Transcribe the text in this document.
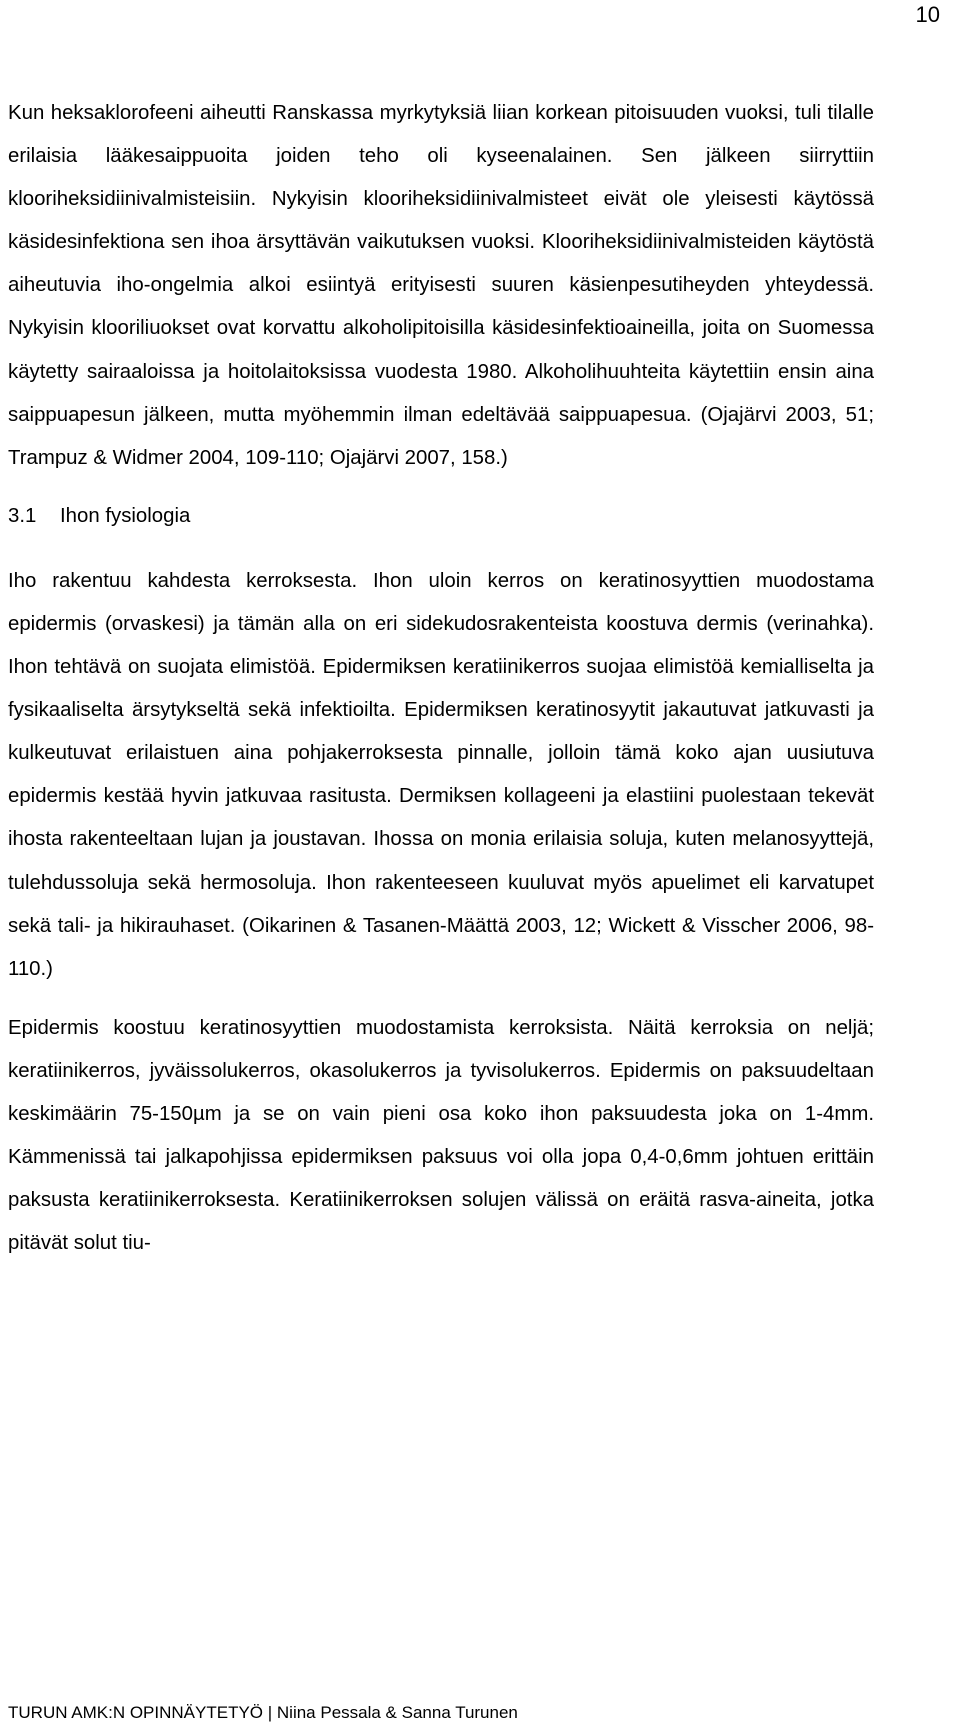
10

Kun heksaklorofeeni aiheutti Ranskassa myrkytyksiä liian korkean pitoisuuden vuoksi, tuli tilalle erilaisia lääkesaippuoita joiden teho oli kyseenalainen. Sen jälkeen siirryttiin klooriheksidiinivalmisteisiin. Nykyisin klooriheksidiinivalmisteet eivät ole yleisesti käytössä käsidesinfektiona sen ihoa ärsyttävän vaikutuksen vuoksi. Klooriheksidiinivalmisteiden käytöstä aiheutuvia iho-ongelmia alkoi esiintyä erityisesti suuren käsienpesutiheyden yhteydessä. Nykyisin klooriliuokset ovat korvattu alkoholipitoisilla käsidesinfektioaineilla, joita on Suomessa käytetty sairaaloissa ja hoitolaitoksissa vuodesta 1980. Alkoholihuuhteita käytettiin ensin aina saippuapesun jälkeen, mutta myöhemmin ilman edeltävää saippuapesua. (Ojajärvi 2003, 51; Trampuz & Widmer 2004, 109-110; Ojajärvi 2007, 158.)

3.1 Ihon fysiologia

Iho rakentuu kahdesta kerroksesta. Ihon uloin kerros on keratinosyyttien muodostama epidermis (orvaskesi) ja tämän alla on eri sidekudosrakenteista koostuva dermis (verinahka). Ihon tehtävä on suojata elimistöä. Epidermiksen keratiinikerros suojaa elimistöä kemialliselta ja fysikaaliselta ärsytykseltä sekä infektioilta. Epidermiksen keratinosyytit jakautuvat jatkuvasti ja kulkeutuvat erilaistuen aina pohjakerroksesta pinnalle, jolloin tämä koko ajan uusiutuva epidermis kestää hyvin jatkuvaa rasitusta. Dermiksen kollageeni ja elastiini puolestaan tekevät ihosta rakenteeltaan lujan ja joustavan. Ihossa on monia erilaisia soluja, kuten melanosyyttejä, tulehdussoluja sekä hermosoluja. Ihon rakenteeseen kuuluvat myös apuelimet eli karvatupet sekä tali- ja hikirauhaset. (Oikarinen & Tasanen-Määttä 2003, 12; Wickett & Visscher 2006, 98-110.)

Epidermis koostuu keratinosyyttien muodostamista kerroksista. Näitä kerroksia on neljä; keratiinikerros, jyväissolukerros, okasolukerros ja tyvisolukerros. Epidermis on paksuudeltaan keskimäärin 75-150µm ja se on vain pieni osa koko ihon paksuudesta joka on 1-4mm. Kämmenissä tai jalkapohjissa epidermiksen paksuus voi olla jopa 0,4-0,6mm johtuen erittäin paksusta keratiinikerroksesta. Keratiinikerroksen solujen välissä on eräitä rasva-aineita, jotka pitävät solut tiu-

TURUN AMK:N OPINNÄYTETYÖ | Niina Pessala & Sanna Turunen
